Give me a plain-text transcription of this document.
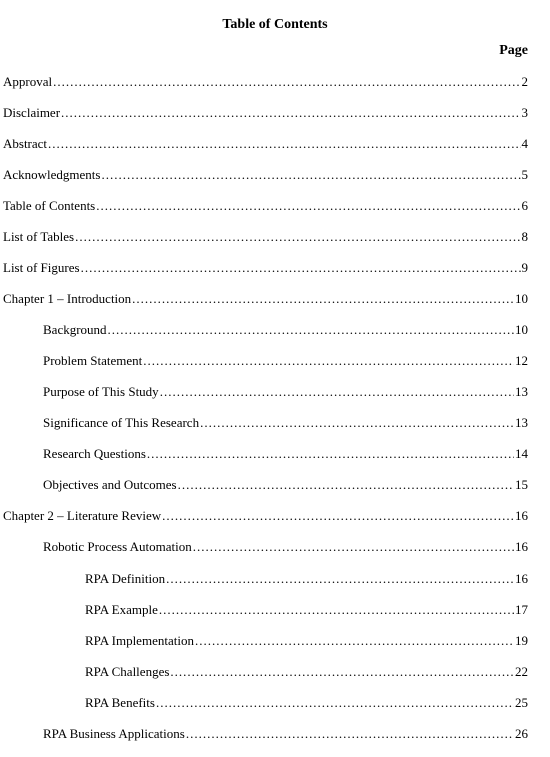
Table of Contents
Page
Approval .....	2
Disclaimer .....	3
Abstract .....	4
Acknowledgments .....	5
Table of Contents .....	6
List of Tables .....	8
List of Figures .....	9
Chapter 1 – Introduction .....	10
Background .....	10
Problem Statement .....	12
Purpose of This Study .....	13
Significance of This Research .....	13
Research Questions .....	14
Objectives and Outcomes .....	15
Chapter 2 – Literature Review .....	16
Robotic Process Automation .....	16
RPA Definition .....	16
RPA Example .....	17
RPA Implementation .....	19
RPA Challenges .....	22
RPA Benefits .....	25
RPA Business Applications .....	26
